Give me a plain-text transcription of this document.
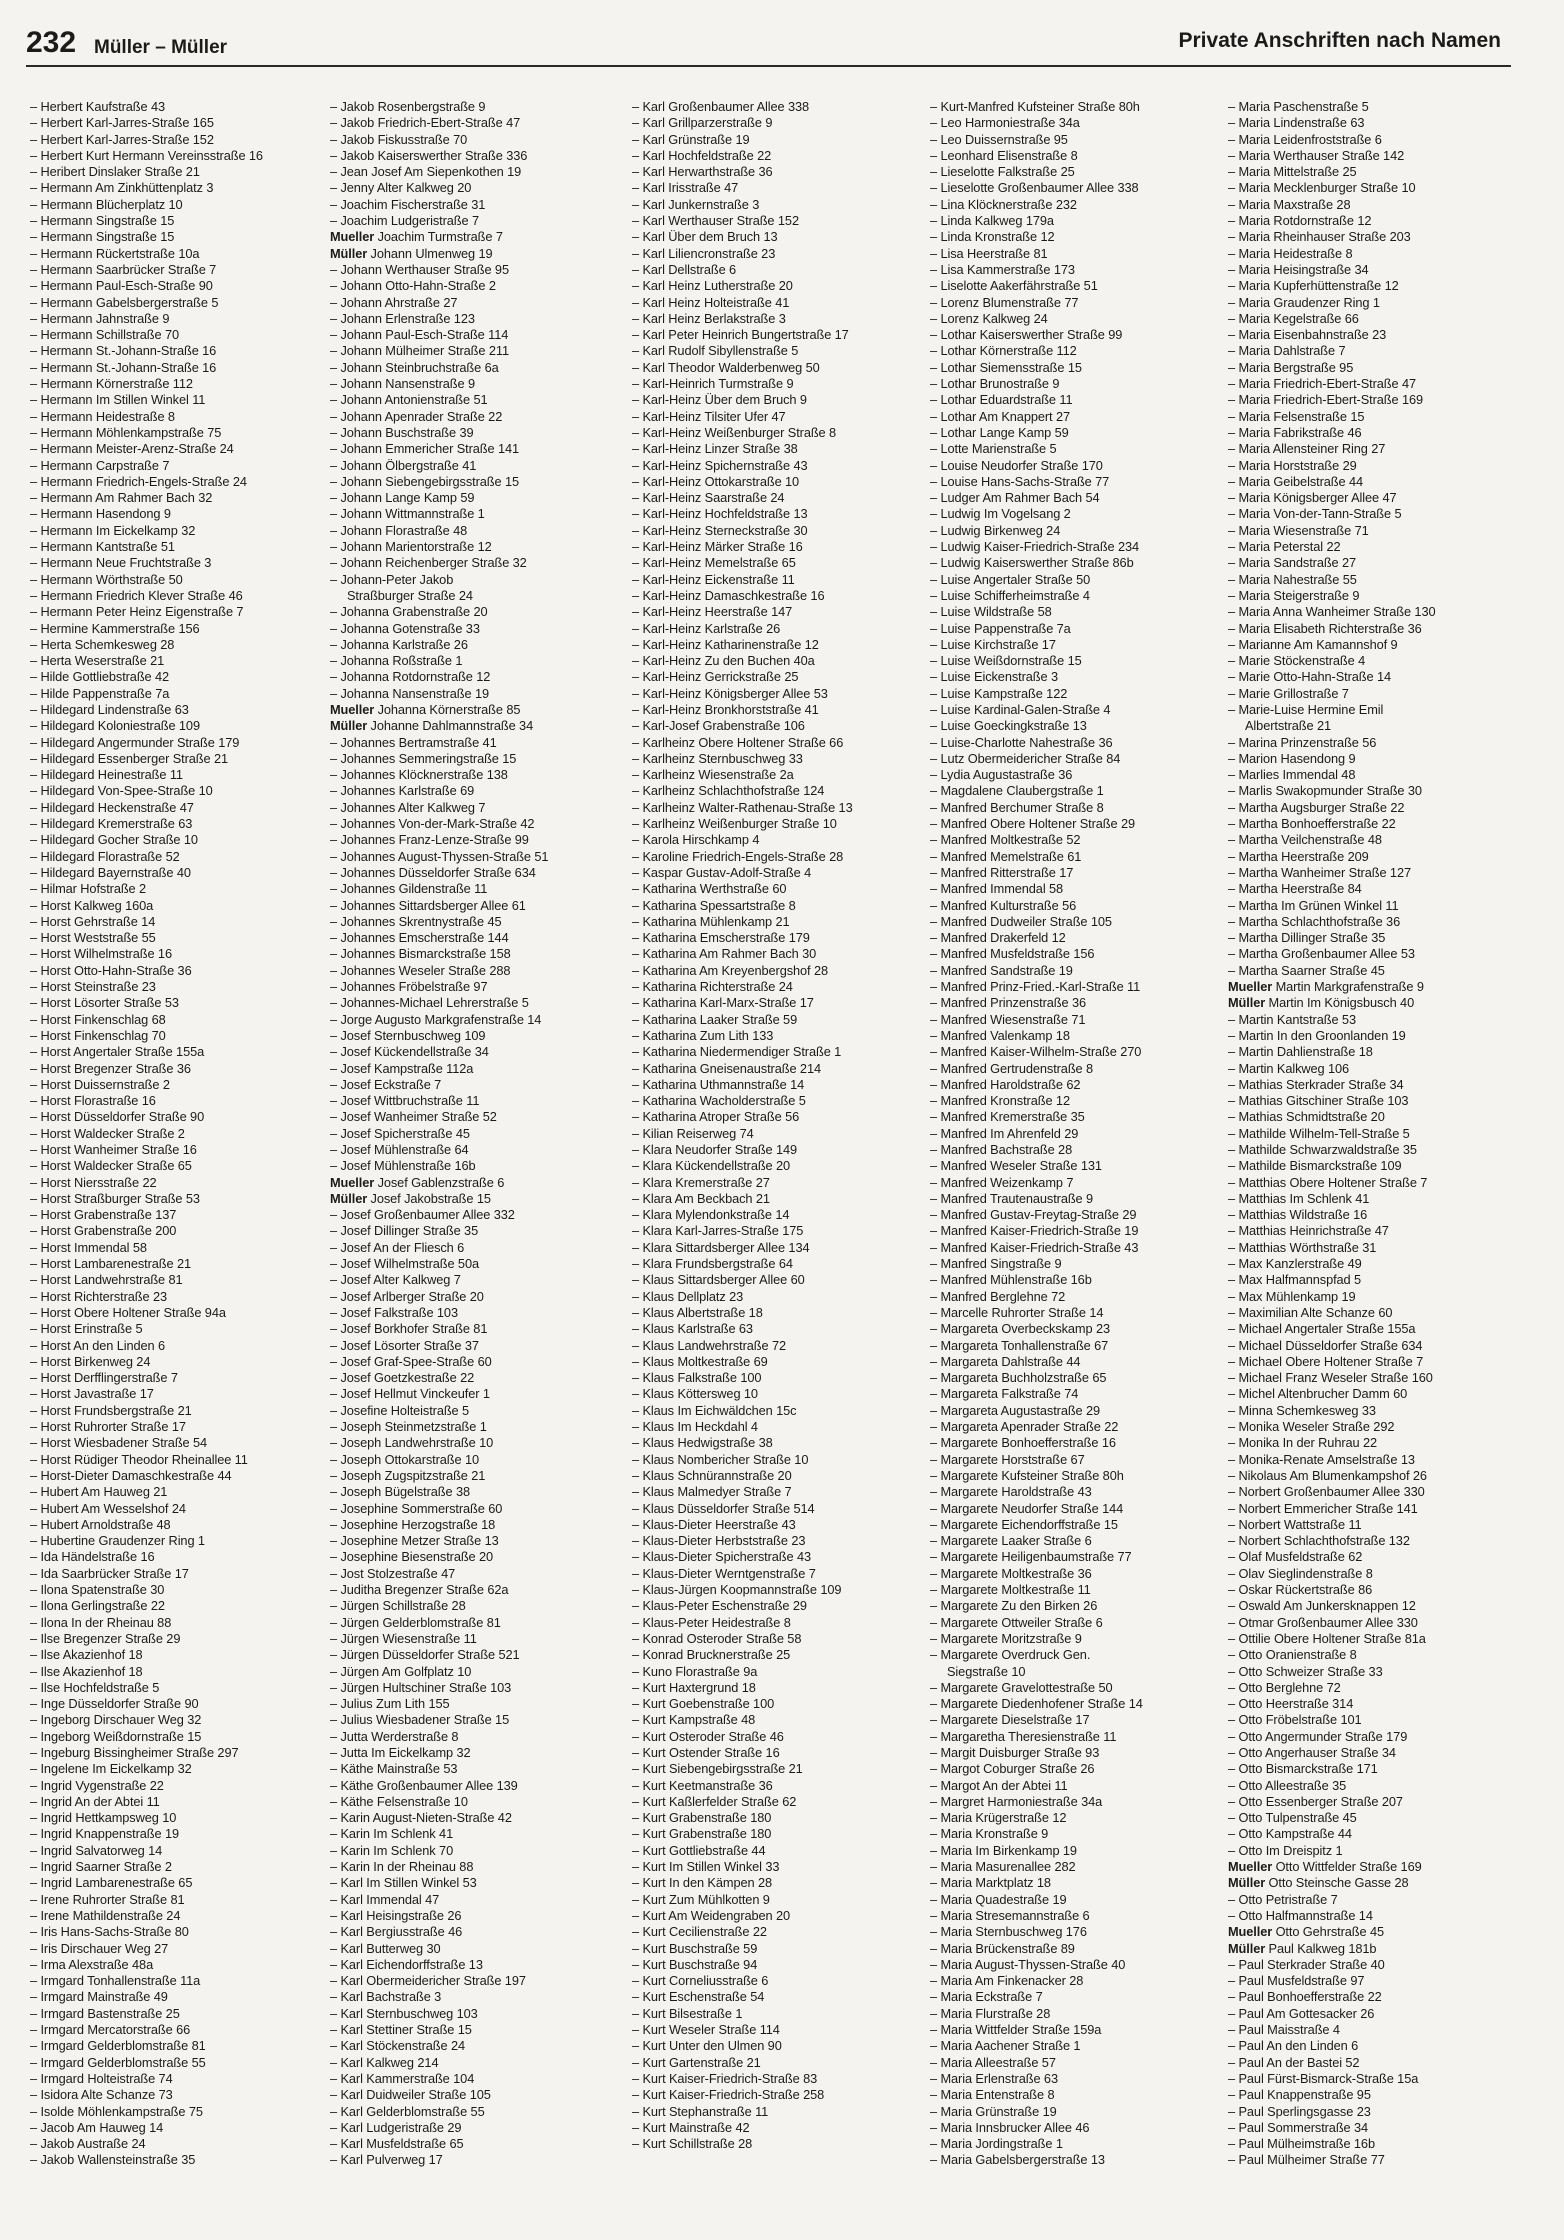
232 Müller – Müller	Private Anschriften nach Namen
– Herbert Kaufstraße 43
– Herbert Karl-Jarres-Straße 165
– Herbert Karl-Jarres-Straße 152
– Herbert Kurt Hermann Vereinsstraße 16
– Heribert Dinslaker Straße 21
– Hermann Am Zinkhüttenplatz 3
– Hermann Blücherplatz 10
– Hermann Singstraße 15
– Hermann Singstraße 15
– Hermann Rückertstraße 10a
– Hermann Saarbrücker Straße 7
– Hermann Paul-Esch-Straße 90
– Hermann Gabelsbergerstraße 5
– Hermann Jahnstraße 9
– Hermann Schillstraße 70
– Hermann St.-Johann-Straße 16
– Hermann St.-Johann-Straße 16
– Hermann Körnerstraße 112
– Hermann Im Stillen Winkel 11
– Hermann Heidestraße 8
– Hermann Möhlenkampstraße 75
– Hermann Meister-Arenz-Straße 24
– Hermann Carpstraße 7
– Hermann Friedrich-Engels-Straße 24
– Hermann Am Rahmer Bach 32
– Hermann Hasendong 9
– Hermann Im Eickelkamp 32
– Hermann Kantstraße 51
– Hermann Neue Fruchtstraße 3
– Hermann Wörthstraße 50
– Hermann Friedrich Klever Straße 46
– Hermann Peter Heinz Eigenstraße 7
– Hermine Kammerstraße 156
– Herta Schemkesweg 28
– Herta Weserstraße 21
– Hilde Gottliebstraße 42
– Hilde Pappenstraße 7a
– Hildegard Lindenstraße 63
– Hildegard Koloniestraße 109
– Hildegard Angermunder Straße 179
– Hildegard Essenberger Straße 21
– Hildegard Heinestraße 11
– Hildegard Von-Spee-Straße 10
– Hildegard Heckenstraße 47
– Hildegard Kremerstraße 63
– Hildegard Gocher Straße 10
– Hildegard Florastraße 52
– Hildegard Bayernstraße 40
– Hilmar Hofstraße 2
– Horst Kalkweg 160a
– Horst Gehrstraße 14
– Horst Weststraße 55
– Horst Wilhelmstraße 16
– Horst Otto-Hahn-Straße 36
– Horst Steinstraße 23
– Horst Lösorter Straße 53
– Horst Finkenschlag 68
– Horst Finkenschlag 70
– Horst Angertaler Straße 155a
– Horst Bregenzer Straße 36
– Horst Duissernstraße 2
– Horst Florastraße 16
– Horst Düsseldorfer Straße 90
– Horst Waldecker Straße 2
– Horst Wanheimer Straße 16
– Horst Waldecker Straße 65
– Horst Niersstraße 22
– Horst Straßburger Straße 53
– Horst Grabenstraße 137
– Horst Grabenstraße 200
– Horst Immendal 58
– Horst Lambarenestraße 21
– Horst Landwehrstraße 81
– Horst Richterstraße 23
– Horst Obere Holtener Straße 94a
– Horst Erinstraße 5
– Horst An den Linden 6
– Horst Birkenweg 24
– Horst Derfflingerstraße 7
– Horst Javastraße 17
– Horst Frundsbergstraße 21
– Horst Ruhrorter Straße 17
– Horst Wiesbadener Straße 54
– Horst Rüdiger Theodor Rheinallee 11
– Horst-Dieter Damaschkestraße 44
– Hubert Am Hauweg 21
– Hubert Am Wesselshof 24
– Hubert Arnoldstraße 48
– Hubertine Graudenzer Ring 1
– Ida Händelstraße 16
– Ida Saarbrücker Straße 17
– Ilona Spatenstraße 30
– Ilona Gerlingstraße 22
– Ilona In der Rheinau 88
– Ilse Bregenzer Straße 29
– Ilse Akazienhof 18
– Ilse Akazienhof 18
– Ilse Hochfeldstraße 5
– Inge Düsseldorfer Straße 90
– Ingeborg Dirschauer Weg 32
– Ingeborg Weißdornstraße 15
– Ingeburg Bissingheimer Straße 297
– Ingelene Im Eickelkamp 32
– Ingrid Vygenstraße 22
– Ingrid An der Abtei 11
– Ingrid Hettkampsweg 10
– Ingrid Knappenstraße 19
– Ingrid Salvatorweg 14
– Ingrid Saarner Straße 2
– Ingrid Lambarenestraße 65
– Irene Ruhrorter Straße 81
– Irene Mathildenstraße 24
– Iris Hans-Sachs-Straße 80
– Iris Dirschauer Weg 27
– Irma Alexstraße 48a
– Irmgard Tonhallenstraße 11a
– Irmgard Mainstraße 49
– Irmgard Bastenstraße 25
– Irmgard Mercatorstraße 66
– Irmgard Gelderblomstraße 81
– Irmgard Gelderblomstraße 55
– Irmgard Holteistraße 74
– Isidora Alte Schanze 73
– Isolde Möhlenkampstraße 75
– Jacob Am Hauweg 14
– Jakob Austraße 24
– Jakob Wallensteinstraße 35
– Jakob Rosenbergstraße 9
– Jakob Friedrich-Ebert-Straße 47
– Jakob Fiskusstraße 70
– Jakob Kaiserswerther Straße 336
– Jean Josef Am Siepenkothen 19
– Jenny Alter Kalkweg 20
– Joachim Fischerstraße 31
– Joachim Ludgeristraße 7
Mueller Joachim Turmstraße 7
Müller Johann Ulmenweg 19
– Johann Werthauser Straße 95
– Johann Otto-Hahn-Straße 2
– Johann Ahrstraße 27
– Johann Erlenstraße 123
– Johann Paul-Esch-Straße 114
– Johann Mülheimer Straße 211
– Johann Steinbruchstraße 6a
– Johann Nansenstraße 9
– Johann Antonienstraße 51
– Johann Apenrader Straße 22
– Johann Buschstraße 39
– Johann Emmericher Straße 141
– Johann Ölbergstraße 41
– Johann Siebengebirgsstraße 15
– Johann Lange Kamp 59
– Johann Wittmannstraße 1
– Johann Florastraße 48
– Johann Marientorstraße 12
– Johann Reichenberger Straße 32
– Johann-Peter Jakob
Straßburger Straße 24
– Johanna Grabenstraße 20
– Johanna Gotenstraße 33
– Johanna Karlstraße 26
– Johanna Roßstraße 1
– Johanna Rotdornstraße 12
– Johanna Nansenstraße 19
Mueller Johanna Körnerstraße 85
Müller Johanne Dahlmannstraße 34
– Johannes Bertramstraße 41
– Johannes Semmeringstraße 15
– Johannes Klöcknerstraße 138
– Johannes Karlstraße 69
– Johannes Alter Kalkweg 7
– Johannes Von-der-Mark-Straße 42
– Johannes Franz-Lenze-Straße 99
– Johannes August-Thyssen-Straße 51
– Johannes Düsseldorfer Straße 634
– Johannes Gildenstraße 11
– Johannes Sittardsberger Allee 61
– Johannes Skrentnystraße 45
– Johannes Emscherstraße 144
– Johannes Bismarckstraße 158
– Johannes Weseler Straße 288
– Johannes Fröbelstraße 97
– Johannes-Michael Lehrerstraße 5
– Jorge Augusto Markgrafenstraße 14
– Josef Sternbuschweg 109
– Josef Kückendellstraße 34
– Josef Kampstraße 112a
– Josef Eckstraße 7
– Josef Wittbruchstraße 11
– Josef Wanheimer Straße 52
– Josef Spicherstraße 45
– Josef Mühlenstraße 64
– Josef Mühlenstraße 16b
Mueller Josef Gablenzstraße 6
Müller Josef Jakobstraße 15
– Josef Großenbaumer Allee 332
– Josef Dillinger Straße 35
– Josef An der Fliesch 6
– Josef Wilhelmstraße 50a
– Josef Alter Kalkweg 7
– Josef Arlberger Straße 20
– Josef Falkstraße 103
– Josef Borkhofer Straße 81
– Josef Lösorter Straße 37
– Josef Graf-Spee-Straße 60
– Josef Goetzkestraße 22
– Josef Hellmut Vinckeufer 1
– Josefine Holteistraße 5
– Joseph Steinmetzstraße 1
– Joseph Landwehrstraße 10
– Joseph Ottokarstraße 10
– Joseph Zugspitzstraße 21
– Joseph Bügelstraße 38
– Josephine Sommerstraße 60
– Josephine Herzogstraße 18
– Josephine Metzer Straße 13
– Josephine Biesenstraße 20
– Jost Stolzestraße 47
– Juditha Bregenzer Straße 62a
– Jürgen Schillstraße 28
– Jürgen Gelderblomstraße 81
– Jürgen Wiesenstraße 11
– Jürgen Düsseldorfer Straße 521
– Jürgen Am Golfplatz 10
– Jürgen Hultschiner Straße 103
– Julius Zum Lith 155
– Julius Wiesbadener Straße 15
– Jutta Werderstraße 8
– Jutta Im Eickelkamp 32
– Käthe Mainstraße 53
– Käthe Großenbaumer Allee 139
– Käthe Felsenstraße 10
– Karin August-Nieten-Straße 42
– Karin Im Schlenk 41
– Karin Im Schlenk 70
– Karin In der Rheinau 88
– Karl Im Stillen Winkel 53
– Karl Immendal 47
– Karl Heisingstraße 26
– Karl Bergiusstraße 46
– Karl Butterweg 30
– Karl Eichendorffstraße 13
– Karl Obermeidericher Straße 197
– Karl Bachstraße 3
– Karl Sternbuschweg 103
– Karl Stettiner Straße 15
– Karl Stöckenstraße 24
– Karl Kalkweg 214
– Karl Kammerstraße 104
– Karl Duidweiler Straße 105
– Karl Gelderblomstraße 55
– Karl Ludgeristraße 29
– Karl Musfeldstraße 65
– Karl Pulverweg 17
– Karl Großenbaumer Allee 338
– Karl Grillparzerstraße 9
– Karl Grünstraße 19
– Karl Hochfeldstraße 22
– Karl Herwarthstraße 36
– Karl Irisstraße 47
– Karl Junkernstraße 3
– Karl Werthauser Straße 152
– Karl Über dem Bruch 13
– Karl Liliencronstraße 23
– Karl Dellstraße 6
– Karl Heinz Lutherstraße 20
– Karl Heinz Holteistraße 41
– Karl Heinz Berlakstraße 3
– Karl Peter Heinrich Bungertstraße 17
– Karl Rudolf Sibyllenstraße 5
– Karl Theodor Walderbenweg 50
– Karl-Heinrich Turmstraße 9
– Karl-Heinz Über dem Bruch 9
– Karl-Heinz Tilsiter Ufer 47
– Karl-Heinz Weißenburger Straße 8
– Karl-Heinz Linzer Straße 38
– Karl-Heinz Spichernstraße 43
– Karl-Heinz Ottokarstraße 10
– Karl-Heinz Saarstraße 24
– Karl-Heinz Hochfeldstraße 13
– Karl-Heinz Sterneckstraße 30
– Karl-Heinz Märker Straße 16
– Karl-Heinz Memelstraße 65
– Karl-Heinz Eickenstraße 11
– Karl-Heinz Damaschkestraße 16
– Karl-Heinz Heerstraße 147
– Karl-Heinz Karlstraße 26
– Karl-Heinz Katharinenstraße 12
– Karl-Heinz Zu den Buchen 40a
– Karl-Heinz Gerrickstraße 25
– Karl-Heinz Königsberger Allee 53
– Karl-Heinz Bronkhorststraße 41
– Karl-Josef Grabenstraße 106
– Karlheinz Obere Holtener Straße 66
– Karlheinz Sternbuschweg 33
– Karlheinz Wiesenstraße 2a
– Karlheinz Schlachthofstraße 124
– Karlheinz Walter-Rathenau-Straße 13
– Karlheinz Weißenburger Straße 10
– Karola Hirschkamp 4
– Karoline Friedrich-Engels-Straße 28
– Kaspar Gustav-Adolf-Straße 4
– Katharina Werthstraße 60
– Katharina Spessartstraße 8
– Katharina Mühlenkamp 21
– Katharina Emscherstraße 179
– Katharina Am Rahmer Bach 30
– Katharina Am Kreyenbergshof 28
– Katharina Richterstraße 24
– Katharina Karl-Marx-Straße 17
– Katharina Laaker Straße 59
– Katharina Zum Lith 133
– Katharina Niedermendiger Straße 1
– Katharina Gneisenaustraße 214
– Katharina Uthmannstraße 14
– Katharina Wacholderstraße 5
– Katharina Atroper Straße 56
– Kilian Reiserweg 74
– Klara Neudorfer Straße 149
– Klara Kückendellstraße 20
– Klara Kremerstraße 27
– Klara Am Beckbach 21
– Klara Mylendonkstraße 14
– Klara Karl-Jarres-Straße 175
– Klara Sittardsberger Allee 134
– Klara Frundsbergstraße 64
– Klaus Sittardsberger Allee 60
– Klaus Dellplatz 23
– Klaus Albertstraße 18
– Klaus Karlstraße 63
– Klaus Landwehrstraße 72
– Klaus Moltkestraße 69
– Klaus Falkstraße 100
– Klaus Köttersweg 10
– Klaus Im Eichwäldchen 15c
– Klaus Im Heckdahl 4
– Klaus Hedwigstraße 38
– Klaus Nombericher Straße 10
– Klaus Schnürannstraße 20
– Klaus Malmedyer Straße 7
– Klaus Düsseldorfer Straße 514
– Klaus-Dieter Heerstraße 43
– Klaus-Dieter Herbststraße 23
– Klaus-Dieter Spicherstraße 43
– Klaus-Dieter Werntgenstraße 7
– Klaus-Jürgen Koopmannstraße 109
– Klaus-Peter Eschenstraße 29
– Klaus-Peter Heidestraße 8
– Konrad Osteroder Straße 58
– Konrad Brucknerstraße 25
– Kuno Florastraße 9a
– Kurt Haxtergrund 18
– Kurt Goebenstraße 100
– Kurt Kampstraße 48
– Kurt Osteroder Straße 46
– Kurt Ostender Straße 16
– Kurt Siebengebirgsstraße 21
– Kurt Keetmanstraße 36
– Kurt Kaßlerfelder Straße 62
– Kurt Grabenstraße 180
– Kurt Grabenstraße 180
– Kurt Gottliebstraße 44
– Kurt Im Stillen Winkel 33
– Kurt In den Kämpen 28
– Kurt Zum Mühlkotten 9
– Kurt Am Weidengraben 20
– Kurt Cecilienstraße 22
– Kurt Buschstraße 59
– Kurt Buschstraße 94
– Kurt Corneliusstraße 6
– Kurt Eschenstraße 54
– Kurt Bilsestraße 1
– Kurt Weseler Straße 114
– Kurt Unter den Ulmen 90
– Kurt Gartenstraße 21
– Kurt Kaiser-Friedrich-Straße 83
– Kurt Kaiser-Friedrich-Straße 258
– Kurt Stephanstraße 11
– Kurt Mainstraße 42
– Kurt Schillstraße 28
– Kurt-Manfred Kufsteiner Straße 80h
– Leo Harmoniestraße 34a
– Leo Duissernstraße 95
– Leonhard Elisenstraße 8
– Lieselotte Falkstraße 25
– Lieselotte Großenbaumer Allee 338
– Lina Klöcknerstraße 232
– Linda Kalkweg 179a
– Linda Kronstraße 12
– Lisa Heerstraße 81
– Lisa Kammerstraße 173
– Liselotte Aakerfährstraße 51
– Lorenz Blumenstraße 77
– Lorenz Kalkweg 24
– Lothar Kaiserswerther Straße 99
– Lothar Körnerstraße 112
– Lothar Siemensstraße 15
– Lothar Brunostraße 9
– Lothar Eduardstraße 11
– Lothar Am Knappert 27
– Lothar Lange Kamp 59
– Lotte Marienstraße 5
– Louise Neudorfer Straße 170
– Louise Hans-Sachs-Straße 77
– Ludger Am Rahmer Bach 54
– Ludwig Im Vogelsang 2
– Ludwig Birkenweg 24
– Ludwig Kaiser-Friedrich-Straße 234
– Ludwig Kaiserswerther Straße 86b
– Luise Angertaler Straße 50
– Luise Schifferheimstraße 4
– Luise Wildstraße 58
– Luise Pappenstraße 7a
– Luise Kirchstraße 17
– Luise Weißdornstraße 15
– Luise Eickenstraße 3
– Luise Kampstraße 122
– Luise Kardinal-Galen-Straße 4
– Luise Goeckingkstraße 13
– Luise-Charlotte Nahestraße 36
– Lutz Obermeidericher Straße 84
– Lydia Augustastraße 36
– Magdalene Claubergstraße 1
– Manfred Berchumer Straße 8
– Manfred Obere Holtener Straße 29
– Manfred Moltkestraße 52
– Manfred Memelstraße 61
– Manfred Ritterstraße 17
– Manfred Immendal 58
– Manfred Kulturstraße 56
– Manfred Dudweiler Straße 105
– Manfred Drakerfeld 12
– Manfred Musfeldstraße 156
– Manfred Sandstraße 19
– Manfred Prinz-Fried.-Karl-Straße 11
– Manfred Prinzenstraße 36
– Manfred Wiesenstraße 71
– Manfred Valenkamp 18
– Manfred Kaiser-Wilhelm-Straße 270
– Manfred Gertrudenstraße 8
– Manfred Haroldstraße 62
– Manfred Kronstraße 12
– Manfred Kremerstraße 35
– Manfred Im Ahrenfeld 29
– Manfred Bachstraße 28
– Manfred Weseler Straße 131
– Manfred Weizenkamp 7
– Manfred Trautenaustraße 9
– Manfred Gustav-Freytag-Straße 29
– Manfred Kaiser-Friedrich-Straße 19
– Manfred Kaiser-Friedrich-Straße 43
– Manfred Singstraße 9
– Manfred Mühlenstraße 16b
– Manfred Berglehne 72
– Marcelle Ruhrorter Straße 14
– Margareta Overbeckskamp 23
– Margareta Tonhallenstraße 67
– Margareta Dahlstraße 44
– Margareta Buchholzstraße 65
– Margareta Falkstraße 74
– Margareta Augustastraße 29
– Margareta Apenrader Straße 22
– Margarete Bonhoefferstraße 16
– Margarete Horststraße 67
– Margarete Kufsteiner Straße 80h
– Margarete Haroldstraße 43
– Margarete Neudorfer Straße 144
– Margarete Eichendorffstraße 15
– Margarete Laaker Straße 6
– Margarete Heiligenbaumstraße 77
– Margarete Moltkestraße 36
– Margarete Moltkestraße 11
– Margarete Zu den Birken 26
– Margarete Ottweiler Straße 6
– Margarete Moritzstraße 9
– Margarete Overdruck Gen.
Siegstraße 10
– Margarete Gravelottestraße 50
– Margarete Diedenhofener Straße 14
– Margarete Dieselstraße 17
– Margaretha Theresienstraße 11
– Margit Duisburger Straße 93
– Margot Coburger Straße 26
– Margot An der Abtei 11
– Margret Harmoniestraße 34a
– Maria Krügerstraße 12
– Maria Kronstraße 9
– Maria Im Birkenkamp 19
– Maria Masurenallee 282
– Maria Marktplatz 18
– Maria Quadestraße 19
– Maria Stresemannstraße 6
– Maria Sternbuschweg 176
– Maria Brückenstraße 89
– Maria August-Thyssen-Straße 40
– Maria Am Finkenacker 28
– Maria Eckstraße 7
– Maria Flurstraße 28
– Maria Wittfelder Straße 159a
– Maria Aachener Straße 1
– Maria Alleestraße 57
– Maria Erlenstraße 63
– Maria Entenstraße 8
– Maria Grünstraße 19
– Maria Innsbrucker Allee 46
– Maria Jordingstraße 1
– Maria Gabelsbergerstraße 13
– Maria Paschenstraße 5
– Maria Lindenstraße 63
– Maria Leidenfroststraße 6
– Maria Werthauser Straße 142
– Maria Mittelstraße 25
– Maria Mecklenburger Straße 10
– Maria Maxstraße 28
– Maria Rotdornstraße 12
– Maria Rheinhauser Straße 203
– Maria Heidestraße 8
– Maria Heisingstraße 34
– Maria Kupferhüttenstraße 12
– Maria Graudenzer Ring 1
– Maria Kegelstraße 66
– Maria Eisenbahnstraße 23
– Maria Dahlstraße 7
– Maria Bergstraße 95
– Maria Friedrich-Ebert-Straße 47
– Maria Friedrich-Ebert-Straße 169
– Maria Felsenstraße 15
– Maria Fabrikstraße 46
– Maria Allensteiner Ring 27
– Maria Horststraße 29
– Maria Geibelstraße 44
– Maria Königsberger Allee 47
– Maria Von-der-Tann-Straße 5
– Maria Wiesenstraße 71
– Maria Peterstal 22
– Maria Sandstraße 27
– Maria Nahestraße 55
– Maria Steigerstraße 9
– Maria Anna Wanheimer Straße 130
– Maria Elisabeth Richterstraße 36
– Marianne Am Kamannshof 9
– Marie Stöckenstraße 4
– Marie Otto-Hahn-Straße 14
– Marie Grillostraße 7
– Marie-Luise Hermine Emil
Albertstraße 21
– Marina Prinzenstraße 56
– Marion Hasendong 9
– Marlies Immendal 48
– Marlis Swakopmunder Straße 30
– Martha Augsburger Straße 22
– Martha Bonhoefferstraße 22
– Martha Veilchenstraße 48
– Martha Heerstraße 209
– Martha Wanheimer Straße 127
– Martha Heerstraße 84
– Martha Im Grünen Winkel 11
– Martha Schlachthofstraße 36
– Martha Dillinger Straße 35
– Martha Großenbaumer Allee 53
– Martha Saarner Straße 45
Mueller Martin Markgrafenstraße 9
Müller Martin Im Königsbusch 40
– Martin Kantstraße 53
– Martin In den Groonlanden 19
– Martin Dahlienstraße 18
– Martin Kalkweg 106
– Mathias Sterkrader Straße 34
– Mathias Gitschiner Straße 103
– Mathias Schmidtstraße 20
– Mathilde Wilhelm-Tell-Straße 5
– Mathilde Schwarzwaldstraße 35
– Mathilde Bismarckstraße 109
– Matthias Obere Holtener Straße 7
– Matthias Im Schlenk 41
– Matthias Wildstraße 16
– Matthias Heinrichstraße 47
– Matthias Wörthstraße 31
– Max Kanzlerstraße 49
– Max Halfmannspfad 5
– Max Mühlenkamp 19
– Maximilian Alte Schanze 60
– Michael Angertaler Straße 155a
– Michael Düsseldorfer Straße 634
– Michael Obere Holtener Straße 7
– Michael Franz Weseler Straße 160
– Michel Altenbrucher Damm 60
– Minna Schemkesweg 33
– Monika Weseler Straße 292
– Monika In der Ruhrau 22
– Monika-Renate Amselstraße 13
– Nikolaus Am Blumenkampshof 26
– Norbert Großenbaumer Allee 330
– Norbert Emmericher Straße 141
– Norbert Wattstraße 11
– Norbert Schlachthofstraße 132
– Olaf Musfeldstraße 62
– Olav Sieglindenstraße 8
– Oskar Rückertstraße 86
– Oswald Am Junkersknappen 12
– Otmar Großenbaumer Allee 330
– Ottilie Obere Holtener Straße 81a
– Otto Oranienstraße 8
– Otto Schweizer Straße 33
– Otto Berglehne 72
– Otto Heerstraße 314
– Otto Fröbelstraße 101
– Otto Angermunder Straße 179
– Otto Angerhauser Straße 34
– Otto Bismarckstraße 171
– Otto Alleestraße 35
– Otto Essenberger Straße 207
– Otto Tulpenstraße 45
– Otto Kampstraße 44
– Otto Im Dreispitz 1
Mueller Otto Wittfelder Straße 169
Müller Otto Steinsche Gasse 28
– Otto Petristraße 7
– Otto Halfmannstraße 14
Mueller Otto Gehrstraße 45
Müller Paul Kalkweg 181b
– Paul Sterkrader Straße 40
– Paul Musfeldstraße 97
– Paul Bonhoefferstraße 22
– Paul Am Gottesacker 26
– Paul Maisstraße 4
– Paul An den Linden 6
– Paul An der Bastei 52
– Paul Fürst-Bismarck-Straße 15a
– Paul Knappenstraße 95
– Paul Sperlingsgasse 23
– Paul Sommerstraße 34
– Paul Mülheimstraße 16b
– Paul Mülheimer Straße 77
